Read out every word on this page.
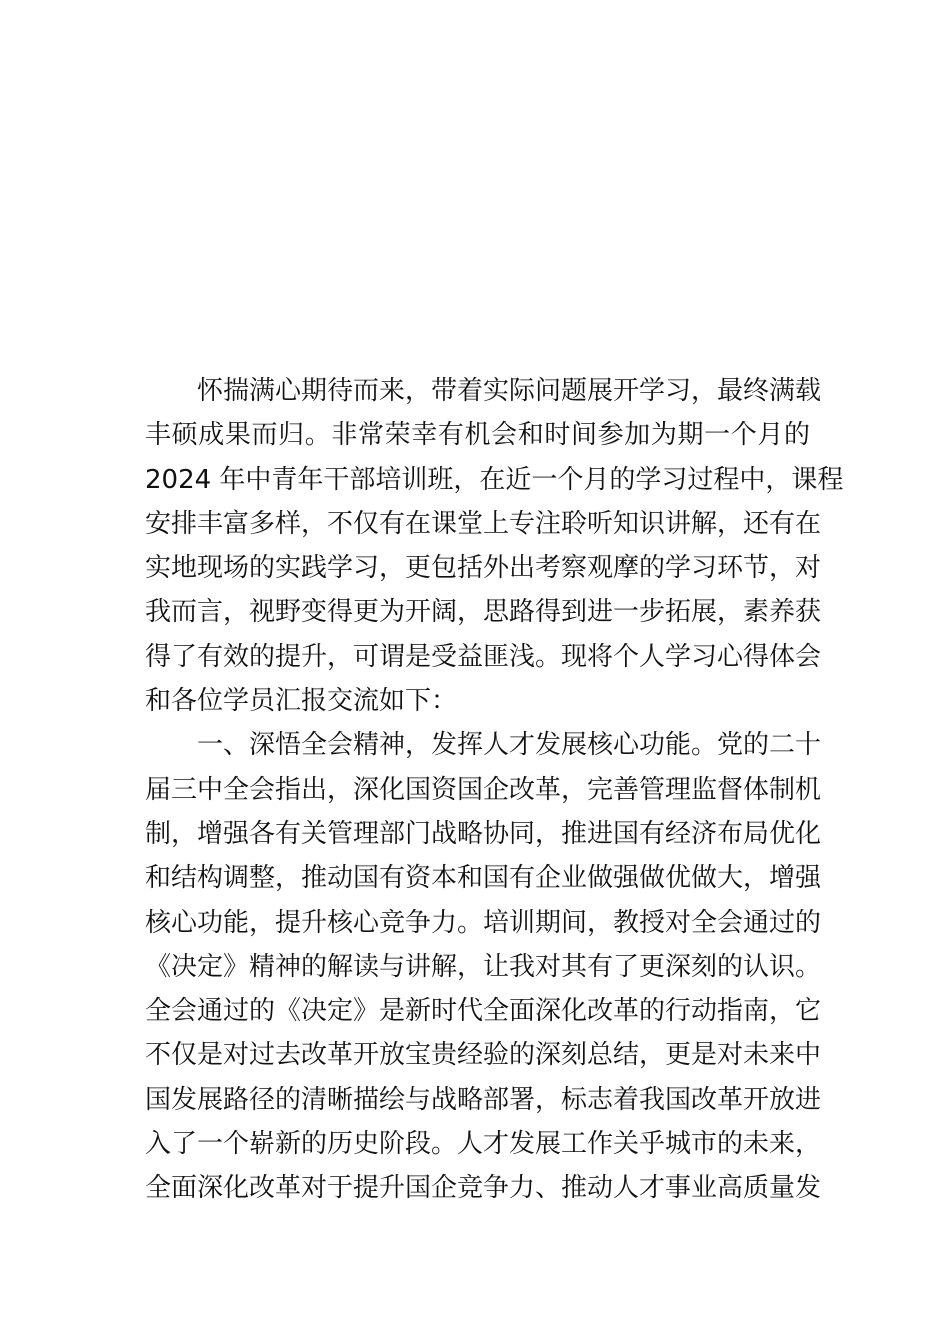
怀揣满心期待而来，带着实际问题展开学习，最终满载
丰硕成果而归。非常荣幸有机会和时间参加为期一个月的
2024 年中青年干部培训班，在近一个月的学习过程中，课程
安排丰富多样，不仅有在课堂上专注聆听知识讲解，还有在
实地现场的实践学习，更包括外出考察观摩的学习环节，对
我而言，视野变得更为开阔，思路得到进一步拓展，素养获
得了有效的提升，可谓是受益匪浅。现将个人学习心得体会
和各位学员汇报交流如下：
一、深悟全会精神，发挥人才发展核心功能。党的二十
届三中全会指出，深化国资国企改革，完善管理监督体制机
制，增强各有关管理部门战略协同，推进国有经济布局优化
和结构调整，推动国有资本和国有企业做强做优做大，增强
核心功能，提升核心竞争力。培训期间，教授对全会通过的
《决定》精神的解读与讲解，让我对其有了更深刻的认识。
全会通过的《决定》是新时代全面深化改革的行动指南，它
不仅是对过去改革开放宝贵经验的深刻总结，更是对未来中
国发展路径的清晰描绘与战略部署，标志着我国改革开放进
入了一个崭新的历史阶段。人才发展工作关乎城市的未来，
全面深化改革对于提升国企竞争力、推动人才事业高质量发
